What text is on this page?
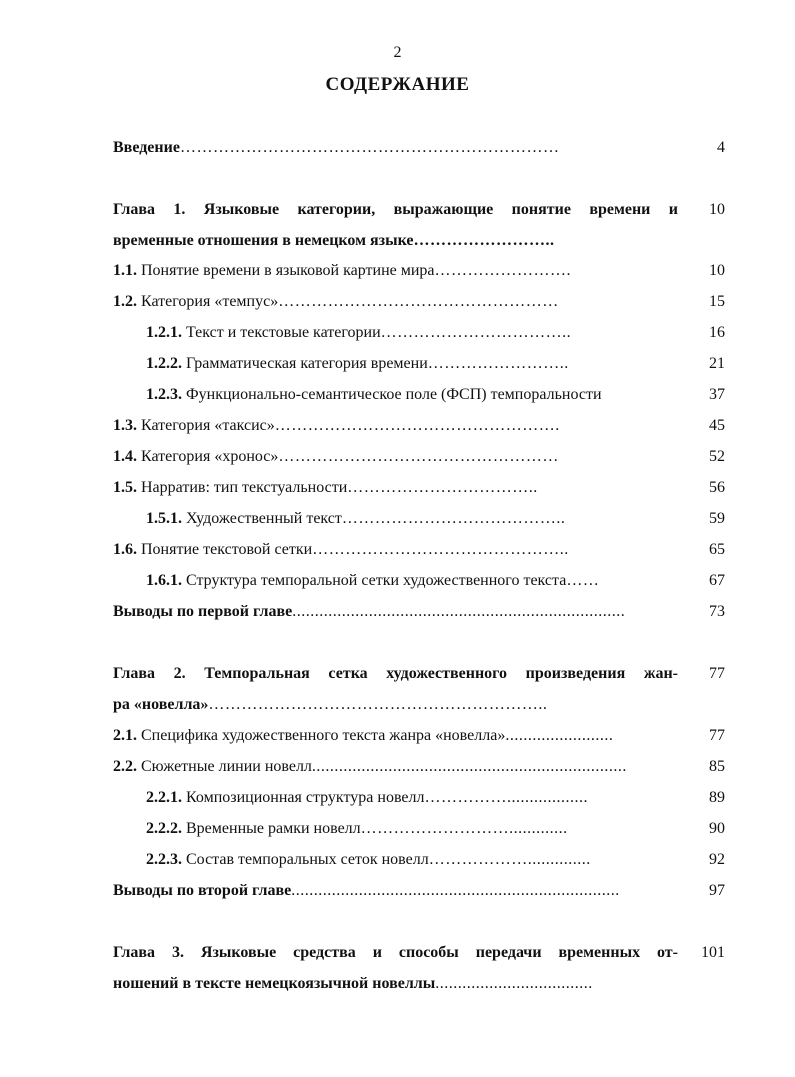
2
СОДЕРЖАНИЕ
Введение……………………………………………………………	4
Глава 1. Языковые категории, выражающие понятие времени и 10
временные отношения в немецком языке……………………..
1.1. Понятие времени в языковой картине мира…………………….	10
1.2. Категория «темпус»……………………………………………	15
1.2.1. Текст и текстовые категории……………………………..	16
1.2.2. Грамматическая категория времени……………………..	21
1.2.3. Функционально-семантическое поле (ФСП) темпоральности	37
1.3. Категория «таксис»…………………………………………….	45
1.4. Категория «хронос»……………………………………………	52
1.5. Нарратив: тип текстуальности……………………………..	56
1.5.1. Художественный текст…………………………………..	59
1.6. Понятие текстовой сетки………………………………………..	65
1.6.1. Структура темпоральной сетки художественного текста……	67
Выводы по первой главе..........................................................................	73
Глава 2. Темпоральная сетка художественного произведения жан- 77
ра «новелла»……………………………………………………..
2.1. Специфика художественного текста жанра «новелла»........................	77
2.2. Сюжетные линии новелл......................................................................	85
2.2.1. Композиционная структура новелл……………..................	89
2.2.2. Временные рамки новелл……………………….............	90
2.2.3. Состав темпоральных сеток новелл………………..............	92
Выводы по второй главе.........................................................................	97
Глава 3. Языковые средства и способы передачи временных от- 101
ношений в тексте немецкоязычной новеллы...................................
